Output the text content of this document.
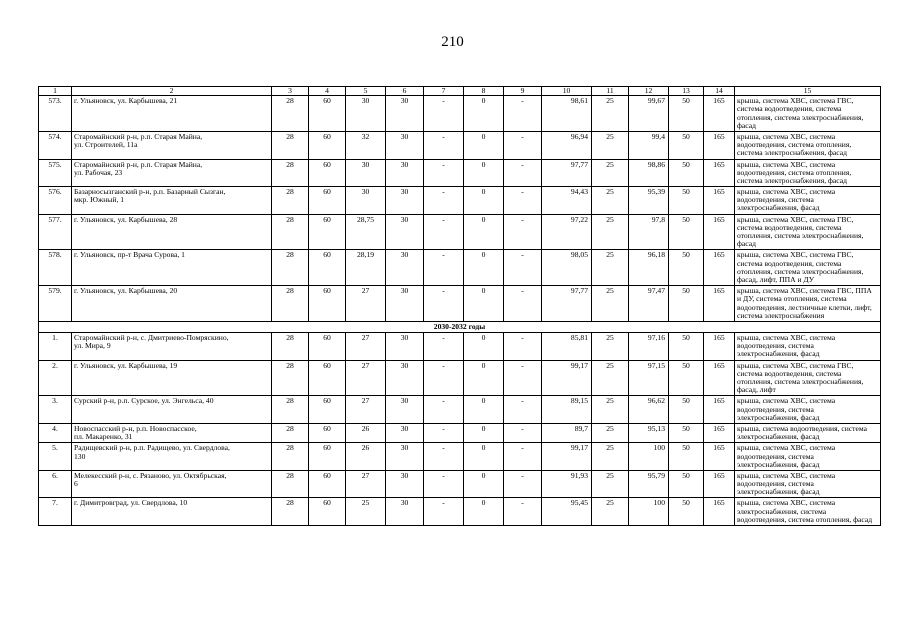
210
1	2	3	4	5	6	7	8	9	10	11	12	13	14	15
573.	г. Ульяновск, ул. Карбышева, 21	28	60	30	30	-	0	-	98,61	25	99,67	50	165	крыша, система ХВС, система ГВС,
система водоотведения, система
отопления, система электроснабжения,
фасад
574.	Старомайнский р-н, р.п. Старая Майна,
ул. Строителей, 11а	28	60	32	30	-	0	-	96,94	25	99,4	50	165	крыша, система ХВС, система
водоотведения, система отопления,
система электроснабжения, фасад
575.	Старомайнский р-н, р.п. Старая Майна,
ул. Рабочая, 23	28	60	30	30	-	0	-	97,77	25	98,86	50	165	крыша, система ХВС, система
водоотведения, система отопления,
система электроснабжения, фасад
576.	Базарносызганский р-н, р.п. Базарный Сызган,
мкр. Южный, 1	28	60	30	30	-	0	-	94,43	25	95,39	50	165	крыша, система ХВС, система
водоотведения, система
электроснабжения, фасад
577.	г. Ульяновск, ул. Карбышева, 28	28	60	28,75	30	-	0	-	97,22	25	97,8	50	165	крыша, система ХВС, система ГВС,
система водоотведения, система
отопления, система электроснабжения,
фасад
578.	г. Ульяновск, пр-т Врача Сурова, 1	28	60	28,19	30	-	0	-	98,05	25	96,18	50	165	крыша, система ХВС, система ГВС,
система водоотведения, система
отопления, система электроснабжения,
фасад, лифт, ППА и ДУ
579.	г. Ульяновск, ул. Карбышева, 20	28	60	27	30	-	0	-	97,77	25	97,47	50	165	крыша, система ХВС, система ГВС, ППА
и ДУ, система отопления, система
водоотведения, лестничные клетки, лифт,
система электроснабжения
2030-2032 годы														
1.	Старомайнский р-н, с. Дмитриево-Помряскино,
ул. Мира, 9	28	60	27	30	-	0	-	85,81	25	97,16	50	165	крыша, система ХВС, система
водоотведения, система
электроснабжения, фасад
2.	г. Ульяновск, ул. Карбышева, 19	28	60	27	30	-	0	-	99,17	25	97,15	50	165	крыша, система ХВС, система ГВС,
система водоотведения, система
отопления, система электроснабжения,
фасад, лифт
3.	Сурский р-н, р.п. Сурское, ул. Энгельса, 40	28	60	27	30	-	0	-	89,15	25	96,62	50	165	крыша, система ХВС, система
водоотведения, система
электроснабжения, фасад
4.	Новоспасский р-н, р.п. Новоспасское,
пл. Макаренко, 31	28	60	26	30	-	0	-	89,7	25	95,13	50	165	крыша, система водоотведения, система
электроснабжения, фасад
5.	Радищевский р-н, р.п. Радищево, ул. Свердлова,
130	28	60	26	30	-	0	-	99,17	25	100	50	165	крыша, система ХВС, система
водоотведения, система
электроснабжения, фасад
6.	Мелекесский р-н, с. Рязаново, ул. Октябрьская,
6	28	60	27	30	-	0	-	91,93	25	95,79	50	165	крыша, система ХВС, система
водоотведения, система
электроснабжения, фасад
7.	г. Димитровград, ул. Свердлова, 10	28	60	25	30	-	0	-	95,45	25	100	50	165	крыша, система ХВС, система
электроснабжения, система
водоотведения, система отопления, фасад
